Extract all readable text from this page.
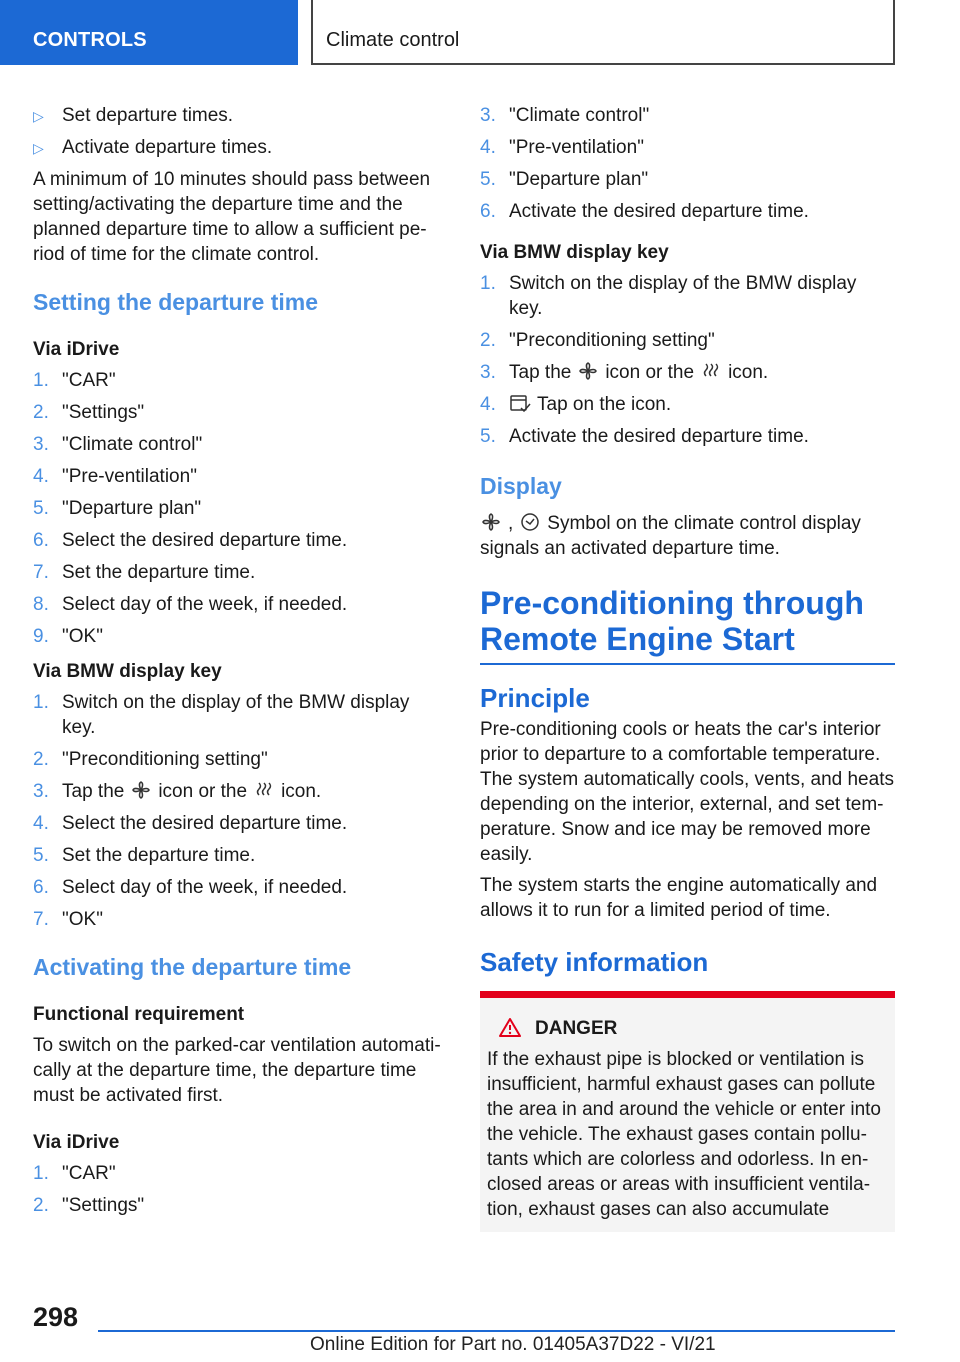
CONTROLS	Climate control
▷ Set departure times.
▷ Activate departure times.

A minimum of 10 minutes should pass between setting/activating the departure time and the planned departure time to allow a sufficient period of time for the climate control.

Setting the departure time
Via iDrive
1. "CAR"
2. "Settings"
3. "Climate control"
4. "Pre-ventilation"
5. "Departure plan"
6. Select the desired departure time.
7. Set the departure time.
8. Select day of the week, if needed.
9. "OK"
Via BMW display key
1. Switch on the display of the BMW display key.
2. "Preconditioning setting"
3. Tap the icon or the icon.
4. Select the desired departure time.
5. Set the departure time.
6. Select day of the week, if needed.
7. "OK"
Activating the departure time
Functional requirement

To switch on the parked-car ventilation automatically at the departure time, the departure time must be activated first.

Via iDrive
1. "CAR"
2. "Settings"
3. "Climate control"
4. "Pre-ventilation"
5. "Departure plan"
6. Activate the desired departure time.
Via BMW display key
1. Switch on the display of the BMW display key.
2. "Preconditioning setting"
3. Tap the icon or the icon.
4. Tap on the icon.
5. Activate the desired departure time.
Display

, Symbol on the climate control display signals an activated departure time.

Pre-conditioning through Remote Engine Start
Principle

Pre-conditioning cools or heats the car's interior prior to departure to a comfortable temperature. The system automatically cools, vents, and heats depending on the interior, external, and set temperature. Snow and ice may be removed more easily.

The system starts the engine automatically and allows it to run for a limited period of time.

Safety information
DANGER

If the exhaust pipe is blocked or ventilation is insufficient, harmful exhaust gases can pollute the area in and around the vehicle or enter into the vehicle. The exhaust gases contain pollutants which are colorless and odorless. In enclosed areas or areas with insufficient ventilation, exhaust gases can also accumulate

298
Online Edition for Part no. 01405A37D22 - VI/21
